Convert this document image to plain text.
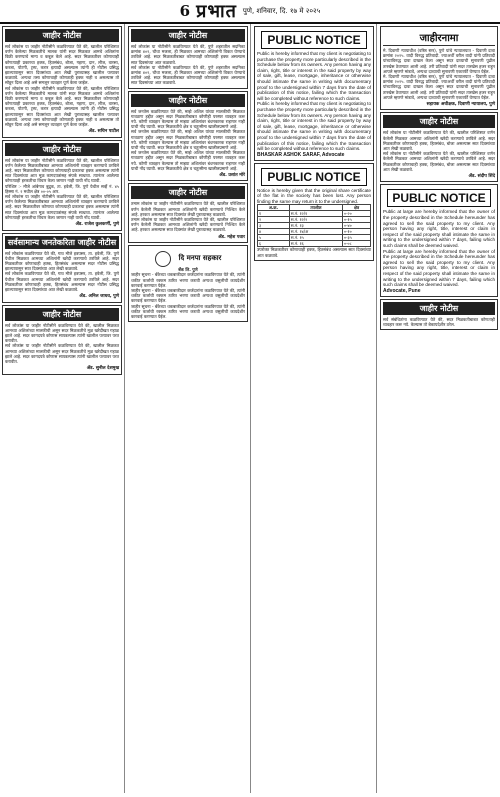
6 प्रभात पुणे, शनिवार, दि. १७ मे २०२५
जाहीर नोटीस
सर्व लोकांस या जाहीर नोटीसीने कळविण्यात येते की, खालील परिशिष्टात वर्णन केलेल्या मिळकतीचे मालक यांनी सदर मिळकत आमचे अशिलांना विक्री करण्याचे मान्य व कबूल केले आहे. सदर मिळकतीवर कोणाचाही कोणत्याही प्रकारचा हक्क, हितसंबंध, बोजा, गहाण, दान, लीज, वारसा, कब्जा, पोटगी, ट्रस्ट, करार इत्यादी असल्यास त्यांनी ही नोटीस प्रसिद्ध झाल्यापासून सात दिवसांच्या आत लेखी पुराव्यासह खालील पत्त्यावर कळवावे. अन्यथा तसा कोणाचाही कोणताही हक्क नाही व असल्यास तो सोडून दिला आहे असे समजून व्यवहार पूर्ण केला जाईल.
सर्व लोकांस या जाहीर नोटीसीने कळविण्यात येते की, खालील परिशिष्टात वर्णन केलेल्या मिळकतीचे मालक यांनी सदर मिळकत आमचे अशिलांना विक्री करण्याचे मान्य व कबूल केले आहे. सदर मिळकतीवर कोणाचाही कोणत्याही प्रकारचा हक्क, हितसंबंध, बोजा, गहाण, दान, लीज, वारसा, कब्जा, पोटगी, ट्रस्ट, करार इत्यादी असल्यास त्यांनी ही नोटीस प्रसिद्ध झाल्यापासून सात दिवसांच्या आत लेखी पुराव्यासह खालील पत्त्यावर कळवावे. अन्यथा तसा कोणाचाही कोणताही हक्क नाही व असल्यास तो सोडून दिला आहे असे समजून व्यवहार पूर्ण केला जाईल.
ॲड. सचिन पाटील
जाहीर नोटीस
सर्व लोकांस या जाहीर नोटीसीने कळविण्यात येते की, खालील परिशिष्टात वर्णन केलेल्या मिळकतीबाबत आमच्या अशिलांनी व्यवहार करण्याचे ठरविले आहे. सदर मिळकतीवर कोणाचा कोणत्याही प्रकारचा हक्क असल्यास त्यांनी सात दिवसांच्या आत मूळ कागदपत्रांसह संपर्क साधावा. त्यानंतर आलेल्या कोणत्याही हरकतीचा विचार केला जाणार नाही याची नोंद घ्यावी.
परिशिष्ट :- मौजे आंबेगाव बुद्रुक, ता. हवेली, जि. पुणे येथील सर्व्हे नं. ४५ हिस्सा नं. २ मधील क्षेत्र ००-०५ आर.
सर्व लोकांस या जाहीर नोटीसीने कळविण्यात येते की, खालील परिशिष्टात वर्णन केलेल्या मिळकतीबाबत आमच्या अशिलांनी व्यवहार करण्याचे ठरविले आहे. सदर मिळकतीवर कोणाचा कोणत्याही प्रकारचा हक्क असल्यास त्यांनी सात दिवसांच्या आत मूळ कागदपत्रांसह संपर्क साधावा. त्यानंतर आलेल्या कोणत्याही हरकतीचा विचार केला जाणार नाही याची नोंद घ्यावी.
ॲड. राजेश कुलकर्णी, पुणे
सर्वसामान्य जनतेकरिता जाहीर नोटीस
सर्व लोकांस कळविण्यात येते की, गाव मौजे हडपसर, ता. हवेली, जि. पुणे येथील मिळकत आमच्या अशिलांनी खरेदी करण्याचे ठरविले आहे. सदर मिळकतीवर कोणाचाही हक्क, हितसंबंध असल्यास सदर नोटीस प्रसिद्ध झाल्यापासून सात दिवसांच्या आत लेखी कळवावे.
सर्व लोकांस कळविण्यात येते की, गाव मौजे हडपसर, ता. हवेली, जि. पुणे येथील मिळकत आमच्या अशिलांनी खरेदी करण्याचे ठरविले आहे. सदर मिळकतीवर कोणाचाही हक्क, हितसंबंध असल्यास सदर नोटीस प्रसिद्ध झाल्यापासून सात दिवसांच्या आत लेखी कळवावे.
ॲड. अनिल जाधव, पुणे
जाहीर नोटीस
सर्व लोकांस या जाहीर नोटीसीने कळविण्यात येते की, खालील मिळकत आमच्या अशिलांच्या मालकीची असून सदर मिळकतीचे मूळ खरेदीखत गहाळ झाले आहे. सदर कागदपत्रे कोणास सापडल्यास त्यांनी खालील पत्त्यावर परत करावीत.
सर्व लोकांस या जाहीर नोटीसीने कळविण्यात येते की, खालील मिळकत आमच्या अशिलांच्या मालकीची असून सदर मिळकतीचे मूळ खरेदीखत गहाळ झाले आहे. सदर कागदपत्रे कोणास सापडल्यास त्यांनी खालील पत्त्यावर परत करावीत.
ॲड. सुनील देशमुख
जाहीर नोटीस
सर्व लोकांस या नोटीसीने कळविण्यात येते की, पुणे शहरातील सदनिका क्रमांक ४०२, चौथा मजला, ही मिळकत आमच्या अशिलांनी विकत घेण्याचे ठरविले आहे. सदर मिळकतीबाबत कोणाचाही कोणताही हक्क असल्यास सात दिवसांच्या आत कळवावे.
सर्व लोकांस या नोटीसीने कळविण्यात येते की, पुणे शहरातील सदनिका क्रमांक ४०२, चौथा मजला, ही मिळकत आमच्या अशिलांनी विकत घेण्याचे ठरविले आहे. सदर मिळकतीबाबत कोणाचाही कोणताही हक्क असल्यास सात दिवसांच्या आत कळवावे.
जाहीर नोटीस
सर्व जनतेस कळविण्यात येते की, माझे अशिल यांच्या मालकीची मिळकत गावठाण हद्दीत असून सदर मिळकतीबाबत कोणीही परस्पर व्यवहार करू नये. कोणी व्यवहार केल्यास तो माझ्या अशिलांवर बंधनकारक राहणार नाही याची नोंद घ्यावी. सदर मिळकतीचे क्षेत्र व चतुःसीमा खालीलप्रमाणे आहे.
सर्व जनतेस कळविण्यात येते की, माझे अशिल यांच्या मालकीची मिळकत गावठाण हद्दीत असून सदर मिळकतीबाबत कोणीही परस्पर व्यवहार करू नये. कोणी व्यवहार केल्यास तो माझ्या अशिलांवर बंधनकारक राहणार नाही याची नोंद घ्यावी. सदर मिळकतीचे क्षेत्र व चतुःसीमा खालीलप्रमाणे आहे.
सर्व जनतेस कळविण्यात येते की, माझे अशिल यांच्या मालकीची मिळकत गावठाण हद्दीत असून सदर मिळकतीबाबत कोणीही परस्पर व्यवहार करू नये. कोणी व्यवहार केल्यास तो माझ्या अशिलांवर बंधनकारक राहणार नाही याची नोंद घ्यावी. सदर मिळकतीचे क्षेत्र व चतुःसीमा खालीलप्रमाणे आहे.
ॲड. प्रशांत मोरे
जाहीर नोटीस
तमाम लोकांस या जाहीर नोटीसीने कळविण्यात येते की, खालील परिशिष्टात वर्णन केलेली मिळकत आमच्या अशिलांनी खरेदी करण्याचे निश्चित केले आहे. हरकत असल्यास सात दिवसांत लेखी पुराव्यासह कळवावे.
तमाम लोकांस या जाहीर नोटीसीने कळविण्यात येते की, खालील परिशिष्टात वर्णन केलेली मिळकत आमच्या अशिलांनी खरेदी करण्याचे निश्चित केले आहे. हरकत असल्यास सात दिवसांत लेखी पुराव्यासह कळवावे.
ॲड. महेश पवार
दि मनपा सहकार
बँक लि. पुणे
जाहीर सूचना - बँकेच्या थकबाकीदार कर्जदारांना कळविण्यात येते की, त्यांनी थकीत कर्जाची रक्कम त्वरित भरणा करावी अन्यथा वसुलीची कायदेशीर कारवाई करण्यात येईल.
जाहीर सूचना - बँकेच्या थकबाकीदार कर्जदारांना कळविण्यात येते की, त्यांनी थकीत कर्जाची रक्कम त्वरित भरणा करावी अन्यथा वसुलीची कायदेशीर कारवाई करण्यात येईल.
जाहीर सूचना - बँकेच्या थकबाकीदार कर्जदारांना कळविण्यात येते की, त्यांनी थकीत कर्जाची रक्कम त्वरित भरणा करावी अन्यथा वसुलीची कायदेशीर कारवाई करण्यात येईल.
PUBLIC NOTICE
Public is hereby informed that my client is negotiating to purchase the property more particularly described in the Schedule below from its owners. Any person having any claim, right, title or interest in the said property by way of sale, gift, lease, mortgage, inheritance or otherwise should intimate the same in writing with documentary proof to the undersigned within 7 days from the date of publication of this notice, failing which the transaction will be completed without reference to such claims.
Public is hereby informed that my client is negotiating to purchase the property more particularly described in the Schedule below from its owners. Any person having any claim, right, title or interest in the said property by way of sale, gift, lease, mortgage, inheritance or otherwise should intimate the same in writing with documentary proof to the undersigned within 7 days from the date of publication of this notice, failing which the transaction will be completed without reference to such claims.
BHASKAR ASHOK SARAF, Advocate
PUBLIC NOTICE
Notice is hereby given that the original share certificate of the flat in the society has been lost. Any person finding the same may return it to the undersigned.
अ.क्र.	तपशील	क्षेत्र
१	स.नं. १२/१	०-२०
२	स.नं. १२/२	०-१५
३	स.नं. १३	०-४०
४	स.नं. १४/अ	०-१०
५	स.नं. १५	०-३५
६	स.नं. १६	०-०८
उपरोक्त मिळकतीवर कोणाचाही हक्क, हितसंबंध असल्यास सात दिवसांच्या आत कळवावे.
जाहीरनामा
मे. दिवाणी न्यायाधीश (वरिष्ठ स्तर), पुणे यांचे न्यायालयात - दिवाणी दावा क्रमांक २०२५. वादी विरुद्ध प्रतिवादी. ज्याअर्थी वरील वादी यांनी प्रतिवादी यांच्याविरुद्ध दावा दाखल केला असून सदर दाव्याची सुनावणी पुढील तारखेस ठेवण्यात आली आहे. तरी प्रतिवादी यांनी सदर तारखेस हजर राहून आपले म्हणणे मांडावे, अन्यथा दाव्याची सुनावणी एकतर्फी घेण्यात येईल.
मे. दिवाणी न्यायाधीश (वरिष्ठ स्तर), पुणे यांचे न्यायालयात - दिवाणी दावा क्रमांक २०२५. वादी विरुद्ध प्रतिवादी. ज्याअर्थी वरील वादी यांनी प्रतिवादी यांच्याविरुद्ध दावा दाखल केला असून सदर दाव्याची सुनावणी पुढील तारखेस ठेवण्यात आली आहे. तरी प्रतिवादी यांनी सदर तारखेस हजर राहून आपले म्हणणे मांडावे, अन्यथा दाव्याची सुनावणी एकतर्फी घेण्यात येईल.
सहायक अधीक्षक, दिवाणी न्यायालय, पुणे
जाहीर नोटीस
सर्व लोकांस या नोटीसीने कळविण्यात येते की, खालील परिशिष्टात वर्णन केलेली मिळकत आमच्या अशिलांनी खरेदी करण्याचे ठरविले आहे. सदर मिळकतीवर कोणाचाही हक्क, हितसंबंध, बोजा असल्यास सात दिवसांच्या आत लेखी कळवावे.
सर्व लोकांस या नोटीसीने कळविण्यात येते की, खालील परिशिष्टात वर्णन केलेली मिळकत आमच्या अशिलांनी खरेदी करण्याचे ठरविले आहे. सदर मिळकतीवर कोणाचाही हक्क, हितसंबंध, बोजा असल्यास सात दिवसांच्या आत लेखी कळवावे.
ॲड. संदीप शिंदे
PUBLIC NOTICE
Public at large are hereby informed that the owner of the property described in the Schedule hereunder has agreed to sell the said property to my client. Any person having any right, title, interest or claim in respect of the said property shall intimate the same in writing to the undersigned within 7 days, failing which such claims shall be deemed waived.
Public at large are hereby informed that the owner of the property described in the Schedule hereunder has agreed to sell the said property to my client. Any person having any right, title, interest or claim in respect of the said property shall intimate the same in writing to the undersigned within 7 days, failing which such claims shall be deemed waived.
Advocate, Pune
जाहीर नोटीस
सर्व संबंधितांना कळविण्यात येते की, सदर मिळकतीबाबत कोणताही व्यवहार करू नये. केल्यास तो बेकायदेशीर ठरेल.
